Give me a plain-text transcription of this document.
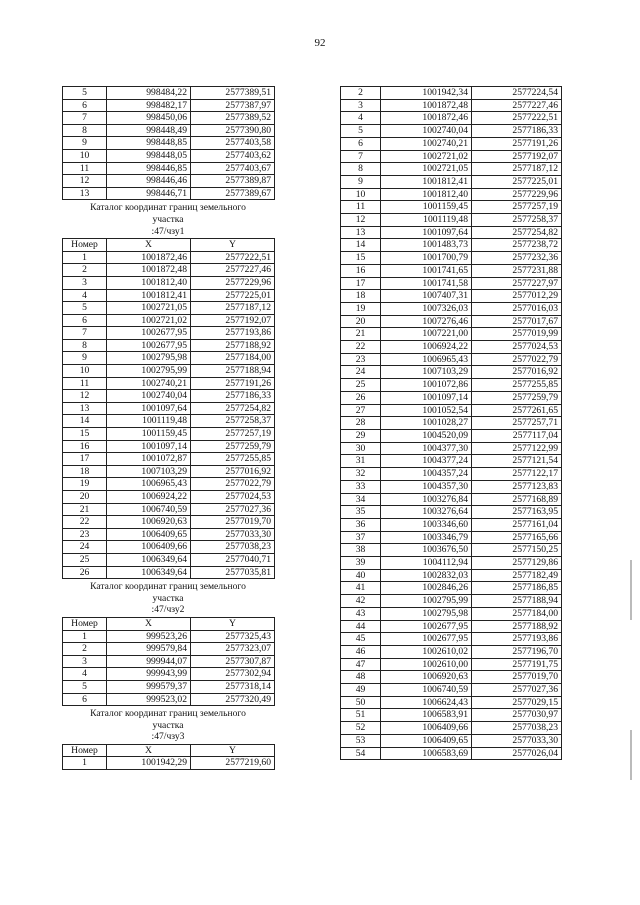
92
5	998484,22	2577389,51
6	998482,17	2577387,97
7	998450,06	2577389,52
8	998448,49	2577390,80
9	998448,85	2577403,58
10	998448,05	2577403,62
11	998446,85	2577403,67
12	998446,46	2577389,87
13	998446,71	2577389,67
Каталог координат границ земельного
участка
:47/чзу1
Номер	X	Y
1	1001872,46	2577222,51
2	1001872,48	2577227,46
3	1001812,40	2577229,96
4	1001812,41	2577225,01
5	1002721,05	2577187,12
6	1002721,02	2577192,07
7	1002677,95	2577193,86
8	1002677,95	2577188,92
9	1002795,98	2577184,00
10	1002795,99	2577188,94
11	1002740,21	2577191,26
12	1002740,04	2577186,33
13	1001097,64	2577254,82
14	1001119,48	2577258,37
15	1001159,45	2577257,19
16	1001097,14	2577259,79
17	1001072,87	2577255,85
18	1007103,29	2577016,92
19	1006965,43	2577022,79
20	1006924,22	2577024,53
21	1006740,59	2577027,36
22	1006920,63	2577019,70
23	1006409,65	2577033,30
24	1006409,66	2577038,23
25	1006349,64	2577040,71
26	1006349,64	2577035,81
Каталог координат границ земельного
участка
:47/чзу2
Номер	X	Y
1	999523,26	2577325,43
2	999579,84	2577323,07
3	999944,07	2577307,87
4	999943,99	2577302,94
5	999579,37	2577318,14
6	999523,02	2577320,49
Каталог координат границ земельного
участка
:47/чзу3
Номер	X	Y
1	1001942,29	2577219,60
2	1001942,34	2577224,54
3	1001872,48	2577227,46
4	1001872,46	2577222,51
5	1002740,04	2577186,33
6	1002740,21	2577191,26
7	1002721,02	2577192,07
8	1002721,05	2577187,12
9	1001812,41	2577225,01
10	1001812,40	2577229,96
11	1001159,45	2577257,19
12	1001119,48	2577258,37
13	1001097,64	2577254,82
14	1001483,73	2577238,72
15	1001700,79	2577232,36
16	1001741,65	2577231,88
17	1001741,58	2577227,97
18	1007407,31	2577012,29
19	1007326,03	2577016,03
20	1007276,46	2577017,67
21	1007221,00	2577019,99
22	1006924,22	2577024,53
23	1006965,43	2577022,79
24	1007103,29	2577016,92
25	1001072,86	2577255,85
26	1001097,14	2577259,79
27	1001052,54	2577261,65
28	1001028,27	2577257,71
29	1004520,09	2577117,04
30	1004377,30	2577122,99
31	1004377,24	2577121,54
32	1004357,24	2577122,17
33	1004357,30	2577123,83
34	1003276,84	2577168,89
35	1003276,64	2577163,95
36	1003346,60	2577161,04
37	1003346,79	2577165,66
38	1003676,50	2577150,25
39	1004112,94	2577129,86
40	1002832,03	2577182,49
41	1002846,26	2577186,85
42	1002795,99	2577188,94
43	1002795,98	2577184,00
44	1002677,95	2577188,92
45	1002677,95	2577193,86
46	1002610,02	2577196,70
47	1002610,00	2577191,75
48	1006920,63	2577019,70
49	1006740,59	2577027,36
50	1006624,43	2577029,15
51	1006583,91	2577030,97
52	1006409,66	2577038,23
53	1006409,65	2577033,30
54	1006583,69	2577026,04
